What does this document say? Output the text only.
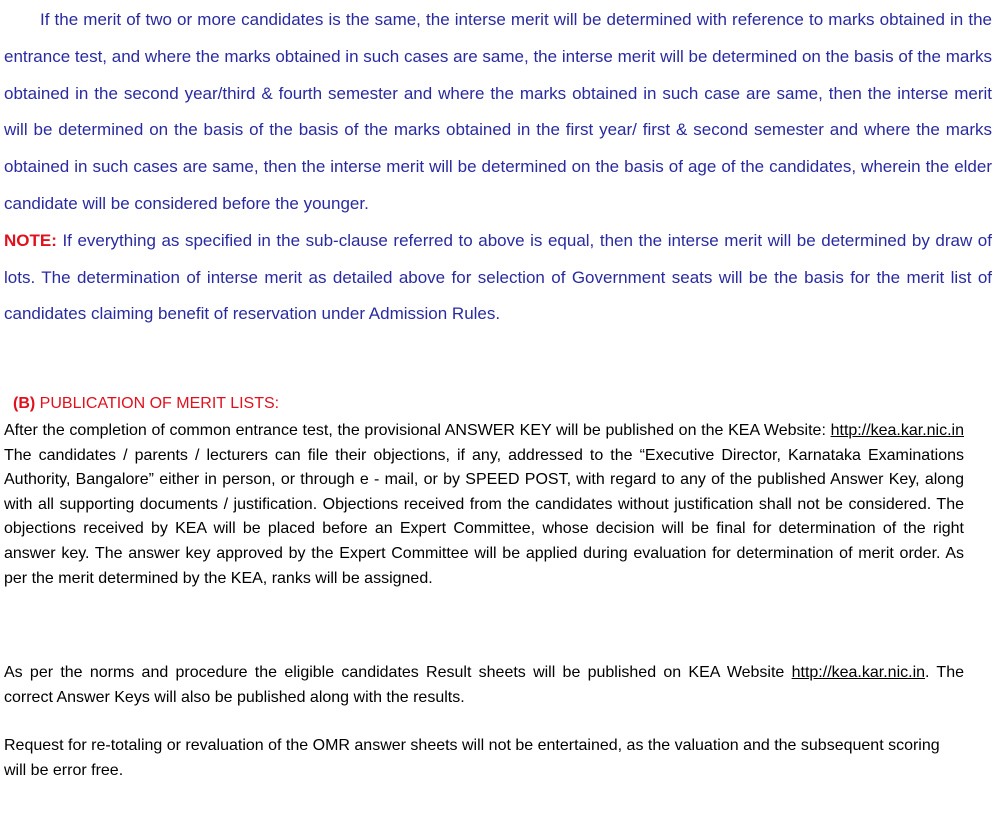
If the merit of two or more candidates is the same, the interse merit will be determined with reference to marks obtained in the entrance test, and where the marks obtained in such cases are same, the interse merit will be determined on the basis of the marks obtained in the second year/third & fourth semester and where the marks obtained in such case are same, then the interse merit will be determined on the basis of the basis of the marks obtained in the first year/ first & second semester and where the marks obtained in such cases are same, then the interse merit will be determined on the basis of age of the candidates, wherein the elder candidate will be considered before the younger.
NOTE: If everything as specified in the sub-clause referred to above is equal, then the interse merit will be determined by draw of lots. The determination of interse merit as detailed above for selection of Government seats will be the basis for the merit list of candidates claiming benefit of reservation under Admission Rules.
(B) PUBLICATION OF MERIT LISTS:
After the completion of common entrance test, the provisional ANSWER KEY will be published on the KEA Website: http://kea.kar.nic.in The candidates / parents / lecturers can file their objections, if any, addressed to the “Executive Director, Karnataka Examinations Authority, Bangalore” either in person, or through e - mail, or by SPEED POST, with regard to any of the published Answer Key, along with all supporting documents / justification. Objections received from the candidates without justification shall not be considered. The objections received by KEA will be placed before an Expert Committee, whose decision will be final for determination of the right answer key. The answer key approved by the Expert Committee will be applied during evaluation for determination of merit order. As per the merit determined by the KEA, ranks will be assigned.
As per the norms and procedure the eligible candidates Result sheets will be published on KEA Website http://kea.kar.nic.in. The correct Answer Keys will also be published along with the results.
Request for re-totaling or revaluation of the OMR answer sheets will not be entertained, as the valuation and the subsequent scoring will be error free.
